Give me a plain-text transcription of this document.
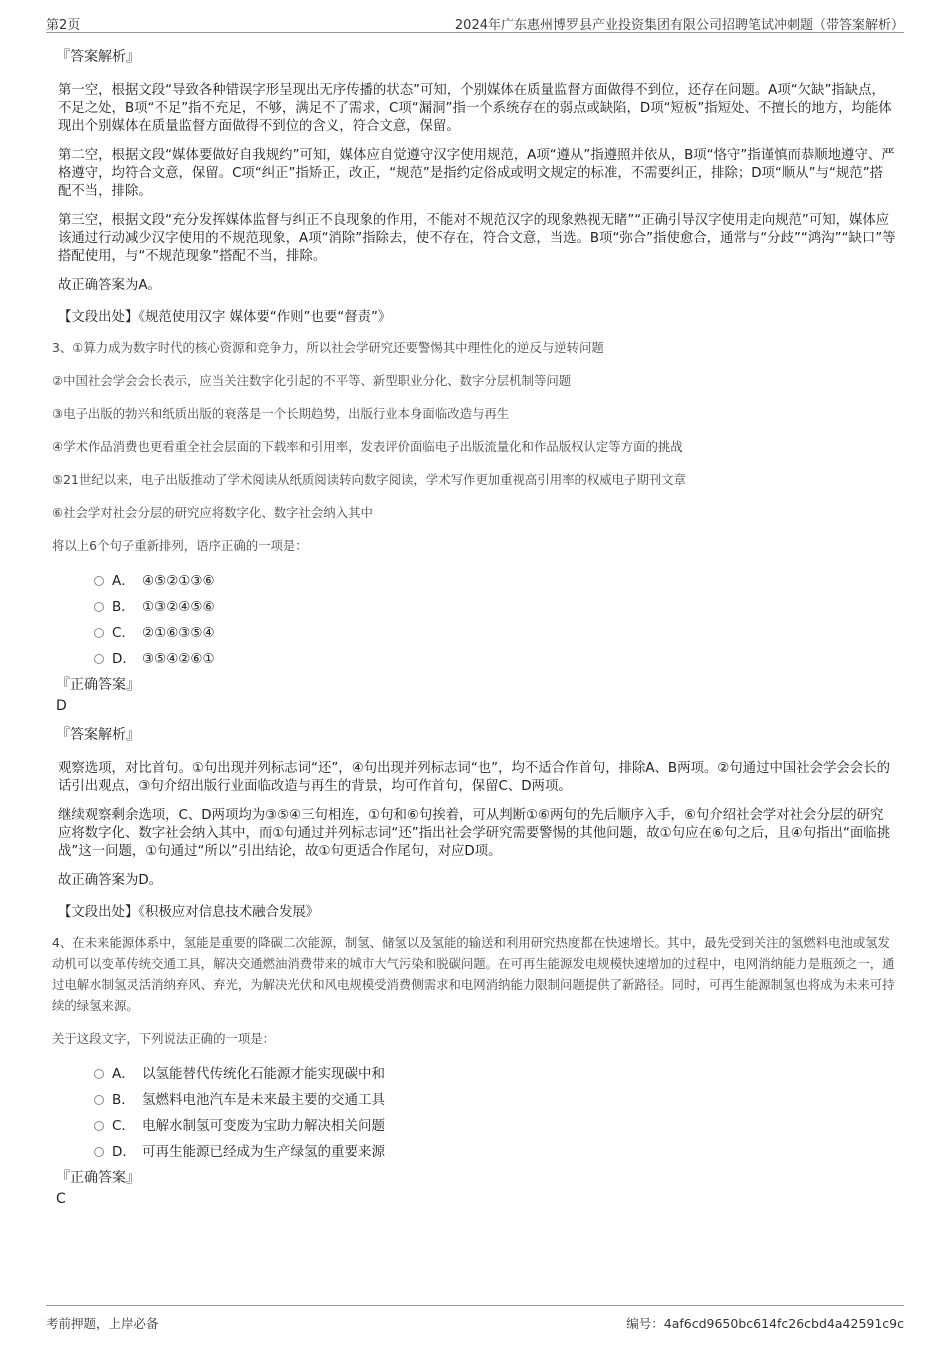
第2页	2024年广东惠州博罗县产业投资集团有限公司招聘笔试冲刺题（带答案解析）
『答案解析』

第一空，根据文段“导致各种错误字形呈现出无序传播的状态”可知，个别媒体在质量监督方面做得不到位，还存在问题。A项“欠缺”指缺点，不足之处，B项“不足”指不充足，不够，满足不了需求，C项“漏洞”指一个系统存在的弱点或缺陷，D项“短板”指短处、不擅长的地方，均能体现出个别媒体在质量监督方面做得不到位的含义，符合文意，保留。

第二空，根据文段“媒体要做好自我规约”可知，媒体应自觉遵守汉字使用规范，A项“遵从”指遵照并依从，B项“恪守”指谨慎而恭顺地遵守、严格遵守，均符合文意，保留。C项“纠正”指矫正，改正，“规范”是指约定俗成或明文规定的标准，不需要纠正，排除；D项“顺从”与“规范”搭配不当，排除。

第三空，根据文段“充分发挥媒体监督与纠正不良现象的作用，不能对不规范汉字的现象熟视无睹”“正确引导汉字使用走向规范”可知，媒体应该通过行动减少汉字使用的不规范现象，A项“消除”指除去，使不存在，符合文意，当选。B项“弥合”指使愈合，通常与“分歧”“鸿沟”“缺口”等搭配使用，与“不规范现象”搭配不当，排除。

故正确答案为A。

【文段出处】《规范使用汉字 媒体要“作则”也要“督责”》

3、①算力成为数字时代的核心资源和竞争力，所以社会学研究还要警惕其中理性化的逆反与逆转问题

②中国社会学会会长表示，应当关注数字化引起的不平等、新型职业分化、数字分层机制等问题

③电子出版的勃兴和纸质出版的衰落是一个长期趋势，出版行业本身面临改造与再生

④学术作品消费也更看重全社会层面的下载率和引用率，发表评价面临电子出版流量化和作品版权认定等方面的挑战

⑤21世纪以来，电子出版推动了学术阅读从纸质阅读转向数字阅读，学术写作更加重视高引用率的权威电子期刊文章

⑥社会学对社会分层的研究应将数字化、数字社会纳入其中

将以上6个句子重新排列，语序正确的一项是：

A． ④⑤②①③⑥
B． ①③②④⑤⑥
C． ②①⑥③⑤④
D． ③⑤④②⑥①
『正确答案』
D
『答案解析』

观察选项，对比首句。①句出现并列标志词“还”，④句出现并列标志词“也”，均不适合作首句，排除A、B两项。②句通过中国社会学会会长的话引出观点，③句介绍出版行业面临改造与再生的背景，均可作首句，保留C、D两项。

继续观察剩余选项，C、D两项均为③⑤④三句相连，①句和⑥句挨着，可从判断①⑥两句的先后顺序入手，⑥句介绍社会学对社会分层的研究应将数字化、数字社会纳入其中，而①句通过并列标志词“还”指出社会学研究需要警惕的其他问题，故①句应在⑥句之后，且④句指出“面临挑战”这一问题，①句通过“所以”引出结论，故①句更适合作尾句，对应D项。

故正确答案为D。

【文段出处】《积极应对信息技术融合发展》

4、在未来能源体系中，氢能是重要的降碳二次能源，制氢、储氢以及氢能的输送和利用研究热度都在快速增长。其中，最先受到关注的氢燃料电池或氢发动机可以变革传统交通工具，解决交通燃油消费带来的城市大气污染和脱碳问题。在可再生能源发电规模快速增加的过程中，电网消纳能力是瓶颈之一，通过电解水制氢灵活消纳弃风、弃光，为解决光伏和风电规模受消费侧需求和电网消纳能力限制问题提供了新路径。同时，可再生能源制氢也将成为未来可持续的绿氢来源。

关于这段文字，下列说法正确的一项是：

A． 以氢能替代传统化石能源才能实现碳中和
B． 氢燃料电池汽车是未来最主要的交通工具
C． 电解水制氢可变废为宝助力解决相关问题
D． 可再生能源已经成为生产绿氢的重要来源
『正确答案』
C
考前押题，上岸必备	编号：4af6cd9650bc614fc26cbd4a42591c9c
